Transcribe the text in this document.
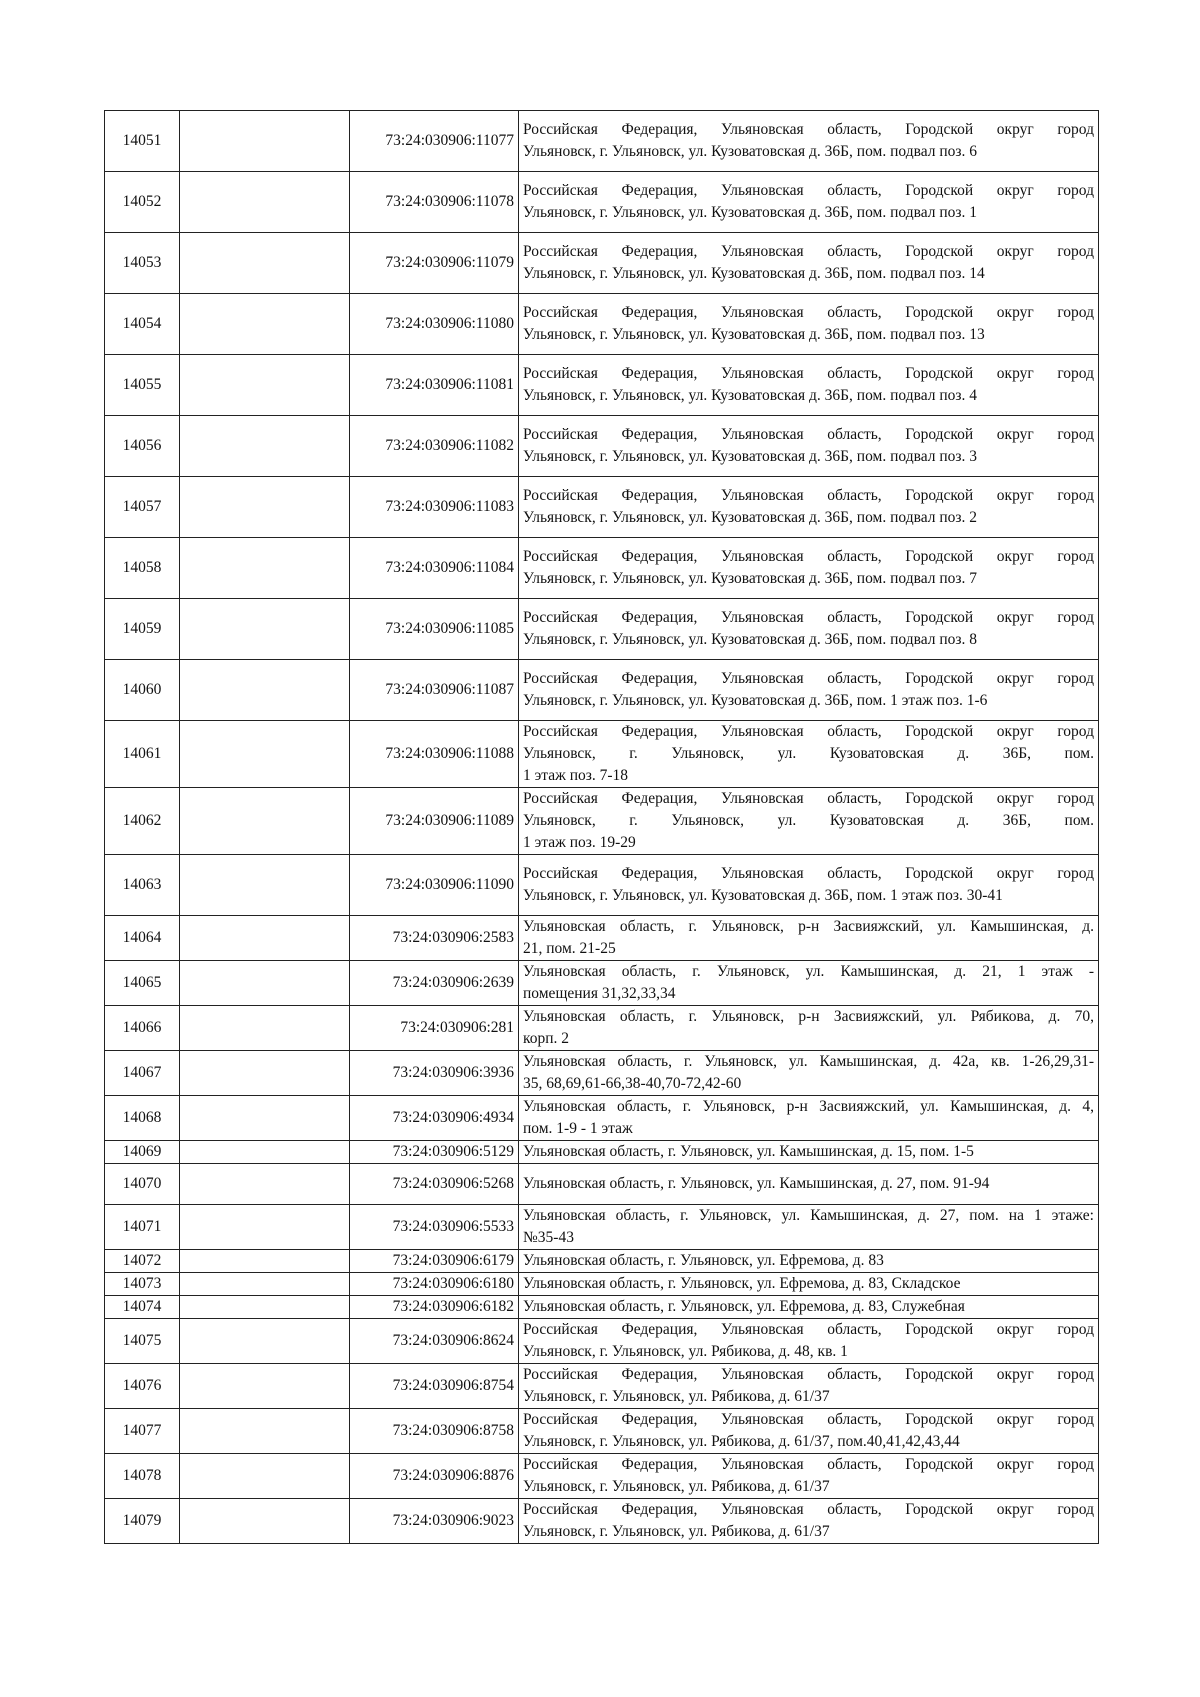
14051		73:24:030906:11077	Российская Федерация, Ульяновская область, Городской округ город
Ульяновск, г. Ульяновск, ул. Кузоватовская д. 36Б, пом. подвал поз. 6

14052		73:24:030906:11078	Российская Федерация, Ульяновская область, Городской округ город
Ульяновск, г. Ульяновск, ул. Кузоватовская д. 36Б, пом. подвал поз. 1

14053		73:24:030906:11079	Российская Федерация, Ульяновская область, Городской округ город
Ульяновск, г. Ульяновск, ул. Кузоватовская д. 36Б, пом. подвал поз. 14

14054		73:24:030906:11080	Российская Федерация, Ульяновская область, Городской округ город
Ульяновск, г. Ульяновск, ул. Кузоватовская д. 36Б, пом. подвал поз. 13

14055		73:24:030906:11081	Российская Федерация, Ульяновская область, Городской округ город
Ульяновск, г. Ульяновск, ул. Кузоватовская д. 36Б, пом. подвал поз. 4

14056		73:24:030906:11082	Российская Федерация, Ульяновская область, Городской округ город
Ульяновск, г. Ульяновск, ул. Кузоватовская д. 36Б, пом. подвал поз. 3

14057		73:24:030906:11083	Российская Федерация, Ульяновская область, Городской округ город
Ульяновск, г. Ульяновск, ул. Кузоватовская д. 36Б, пом. подвал поз. 2

14058		73:24:030906:11084	Российская Федерация, Ульяновская область, Городской округ город
Ульяновск, г. Ульяновск, ул. Кузоватовская д. 36Б, пом. подвал поз. 7

14059		73:24:030906:11085	Российская Федерация, Ульяновская область, Городской округ город
Ульяновск, г. Ульяновск, ул. Кузоватовская д. 36Б, пом. подвал поз. 8

14060		73:24:030906:11087	Российская Федерация, Ульяновская область, Городской округ город
Ульяновск, г. Ульяновск, ул. Кузоватовская д. 36Б, пом. 1 этаж поз. 1-6

14061		73:24:030906:11088	Российская Федерация, Ульяновская область, Городской округ город
Ульяновск, г. Ульяновск, ул. Кузоватовская д. 36Б, пом.
1 этаж поз. 7-18

14062		73:24:030906:11089	Российская Федерация, Ульяновская область, Городской округ город
Ульяновск, г. Ульяновск, ул. Кузоватовская д. 36Б, пом.
1 этаж поз. 19-29

14063		73:24:030906:11090	Российская Федерация, Ульяновская область, Городской округ город
Ульяновск, г. Ульяновск, ул. Кузоватовская д. 36Б, пом. 1 этаж поз. 30-41

14064		73:24:030906:2583	Ульяновская область, г. Ульяновск, р-н Засвияжский, ул. Камышинская, д.
21, пом. 21-25

14065		73:24:030906:2639	Ульяновская область, г. Ульяновск, ул. Камышинская, д. 21, 1 этаж -
помещения 31,32,33,34

14066		73:24:030906:281	Ульяновская область, г. Ульяновск, р-н Засвияжский, ул. Рябикова, д. 70,
корп. 2

14067		73:24:030906:3936	Ульяновская область, г. Ульяновск, ул. Камышинская, д. 42а, кв. 1-26,29,31-
35, 68,69,61-66,38-40,70-72,42-60

14068		73:24:030906:4934	Ульяновская область, г. Ульяновск, р-н Засвияжский, ул. Камышинская, д. 4,
пом. 1-9 - 1 этаж

14069		73:24:030906:5129	Ульяновская область, г. Ульяновск, ул. Камышинская, д. 15, пом. 1-5

14070		73:24:030906:5268	Ульяновская область, г. Ульяновск, ул. Камышинская, д. 27, пом. 91-94

14071		73:24:030906:5533	Ульяновская область, г. Ульяновск, ул. Камышинская, д. 27, пом. на 1 этаже:
№35-43

14072		73:24:030906:6179	Ульяновская область, г. Ульяновск, ул. Ефремова, д. 83

14073		73:24:030906:6180	Ульяновская область, г. Ульяновск, ул. Ефремова, д. 83, Складское

14074		73:24:030906:6182	Ульяновская область, г. Ульяновск, ул. Ефремова, д. 83, Служебная

14075		73:24:030906:8624	Российская Федерация, Ульяновская область, Городской округ город
Ульяновск, г. Ульяновск, ул. Рябикова, д. 48, кв. 1

14076		73:24:030906:8754	Российская Федерация, Ульяновская область, Городской округ город
Ульяновск, г. Ульяновск, ул. Рябикова, д. 61/37

14077		73:24:030906:8758	Российская Федерация, Ульяновская область, Городской округ город
Ульяновск, г. Ульяновск, ул. Рябикова, д. 61/37, пом.40,41,42,43,44

14078		73:24:030906:8876	Российская Федерация, Ульяновская область, Городской округ город
Ульяновск, г. Ульяновск, ул. Рябикова, д. 61/37

14079		73:24:030906:9023	Российская Федерация, Ульяновская область, Городской округ город
Ульяновск, г. Ульяновск, ул. Рябикова, д. 61/37
